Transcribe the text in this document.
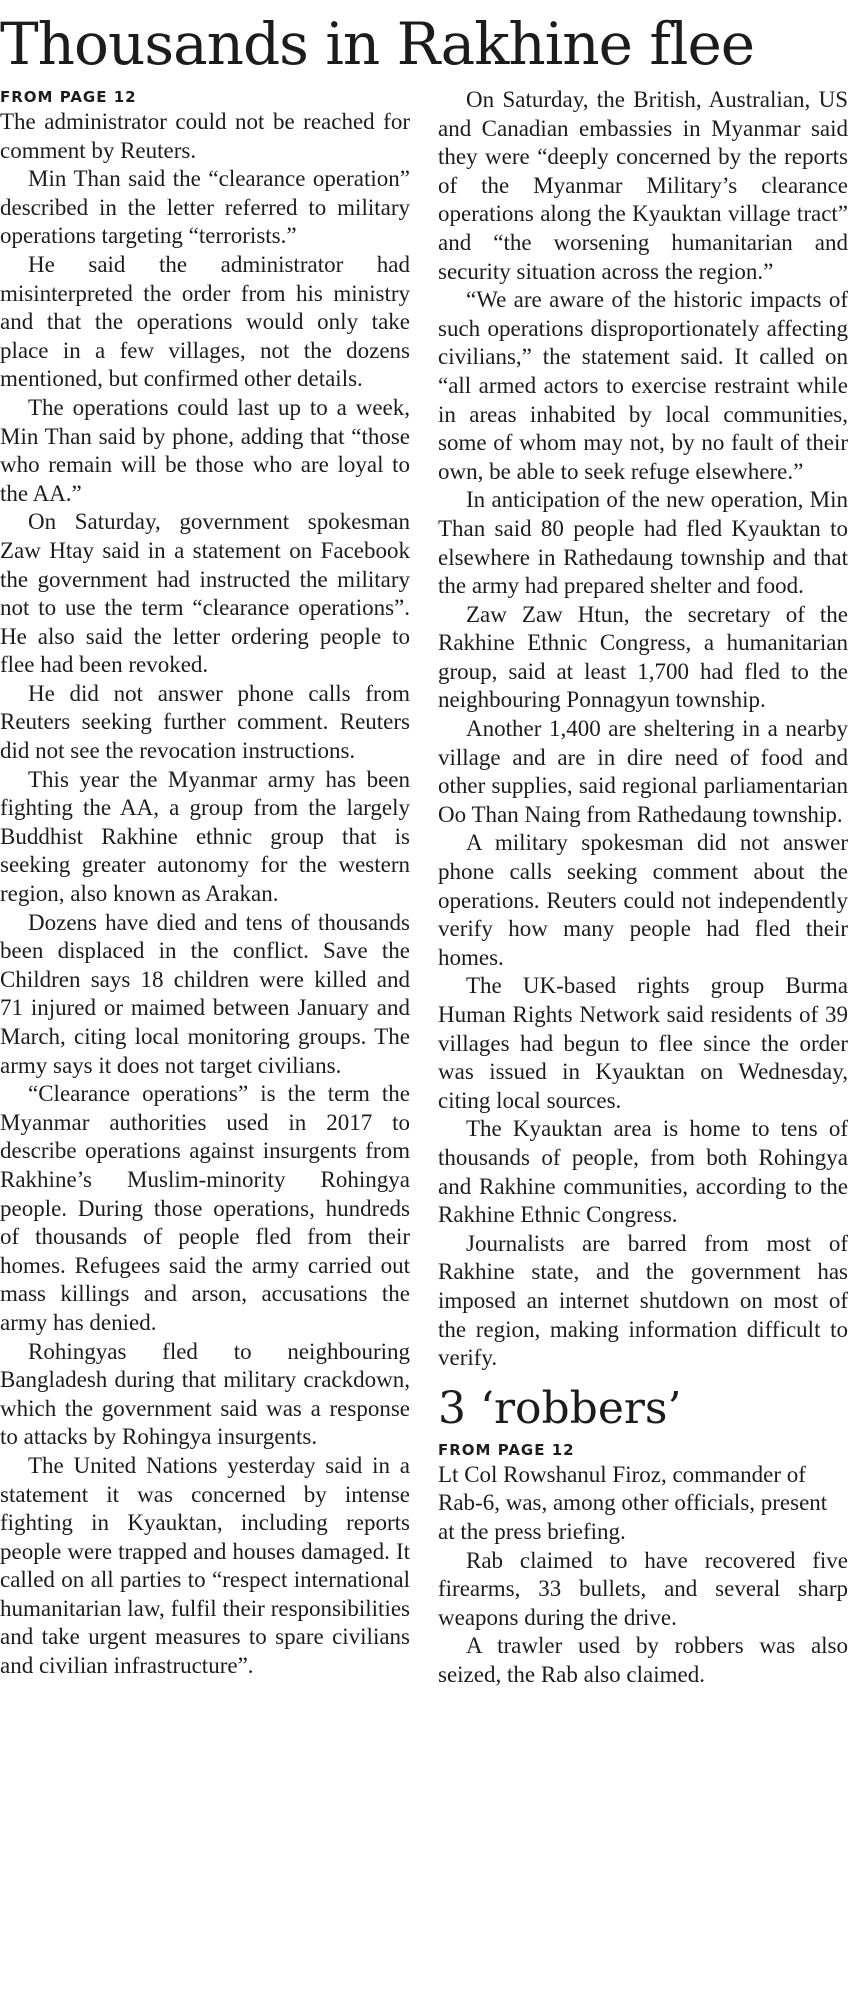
Thousands in Rakhine flee

FROM PAGE 12

The administrator could not be reached for comment by Reuters.

Min Than said the “clearance operation” described in the letter referred to military operations targeting “terrorists.”

He said the administrator had misinterpreted the order from his ministry and that the operations would only take place in a few villages, not the dozens mentioned, but confirmed other details.

The operations could last up to a week, Min Than said by phone, adding that “those who remain will be those who are loyal to the AA.”

On Saturday, government spokesman Zaw Htay said in a statement on Facebook the government had instructed the military not to use the term “clearance operations”. He also said the letter ordering people to flee had been revoked.

He did not answer phone calls from Reuters seeking further comment. Reuters did not see the revocation instructions.

This year the Myanmar army has been fighting the AA, a group from the largely Buddhist Rakhine ethnic group that is seeking greater autonomy for the western region, also known as Arakan.

Dozens have died and tens of thousands been displaced in the conflict. Save the Children says 18 children were killed and 71 injured or maimed between January and March, citing local monitoring groups. The army says it does not target civilians.

“Clearance operations” is the term the Myanmar authorities used in 2017 to describe operations against insurgents from Rakhine’s Muslim-minority Rohingya people. During those operations, hundreds of thousands of people fled from their homes. Refugees said the army carried out mass killings and arson, accusations the army has denied.

Rohingyas fled to neighbouring Bangladesh during that military crackdown, which the government said was a response to attacks by Rohingya insurgents.

The United Nations yesterday said in a statement it was concerned by intense fighting in Kyauktan, including reports people were trapped and houses damaged. It called on all parties to “respect international humanitarian law, fulfil their responsibilities and take urgent measures to spare civilians and civilian infrastructure”.

On Saturday, the British, Australian, US and Canadian embassies in Myanmar said they were “deeply concerned by the reports of the Myanmar Military’s clearance operations along the Kyauktan village tract” and “the worsening humanitarian and security situation across the region.”

“We are aware of the historic impacts of such operations disproportionately affecting civilians,” the statement said. It called on “all armed actors to exercise restraint while in areas inhabited by local communities, some of whom may not, by no fault of their own, be able to seek refuge elsewhere.”

In anticipation of the new operation, Min Than said 80 people had fled Kyauktan to elsewhere in Rathedaung township and that the army had prepared shelter and food.

Zaw Zaw Htun, the secretary of the Rakhine Ethnic Congress, a humanitarian group, said at least 1,700 had fled to the neighbouring Ponnagyun township.

Another 1,400 are sheltering in a nearby village and are in dire need of food and other supplies, said regional parliamentarian Oo Than Naing from Rathedaung township.

A military spokesman did not answer phone calls seeking comment about the operations. Reuters could not independently verify how many people had fled their homes.

The UK-based rights group Burma Human Rights Network said residents of 39 villages had begun to flee since the order was issued in Kyauktan on Wednesday, citing local sources.

The Kyauktan area is home to tens of thousands of people, from both Rohingya and Rakhine communities, according to the Rakhine Ethnic Congress.

Journalists are barred from most of Rakhine state, and the government has imposed an internet shutdown on most of the region, making information difficult to verify.

3 ‘robbers’

FROM PAGE 12

Lt Col Rowshanul Firoz, commander of Rab-6, was, among other officials, present at the press briefing.

Rab claimed to have recovered five firearms, 33 bullets, and several sharp weapons during the drive.

A trawler used by robbers was also seized, the Rab also claimed.
